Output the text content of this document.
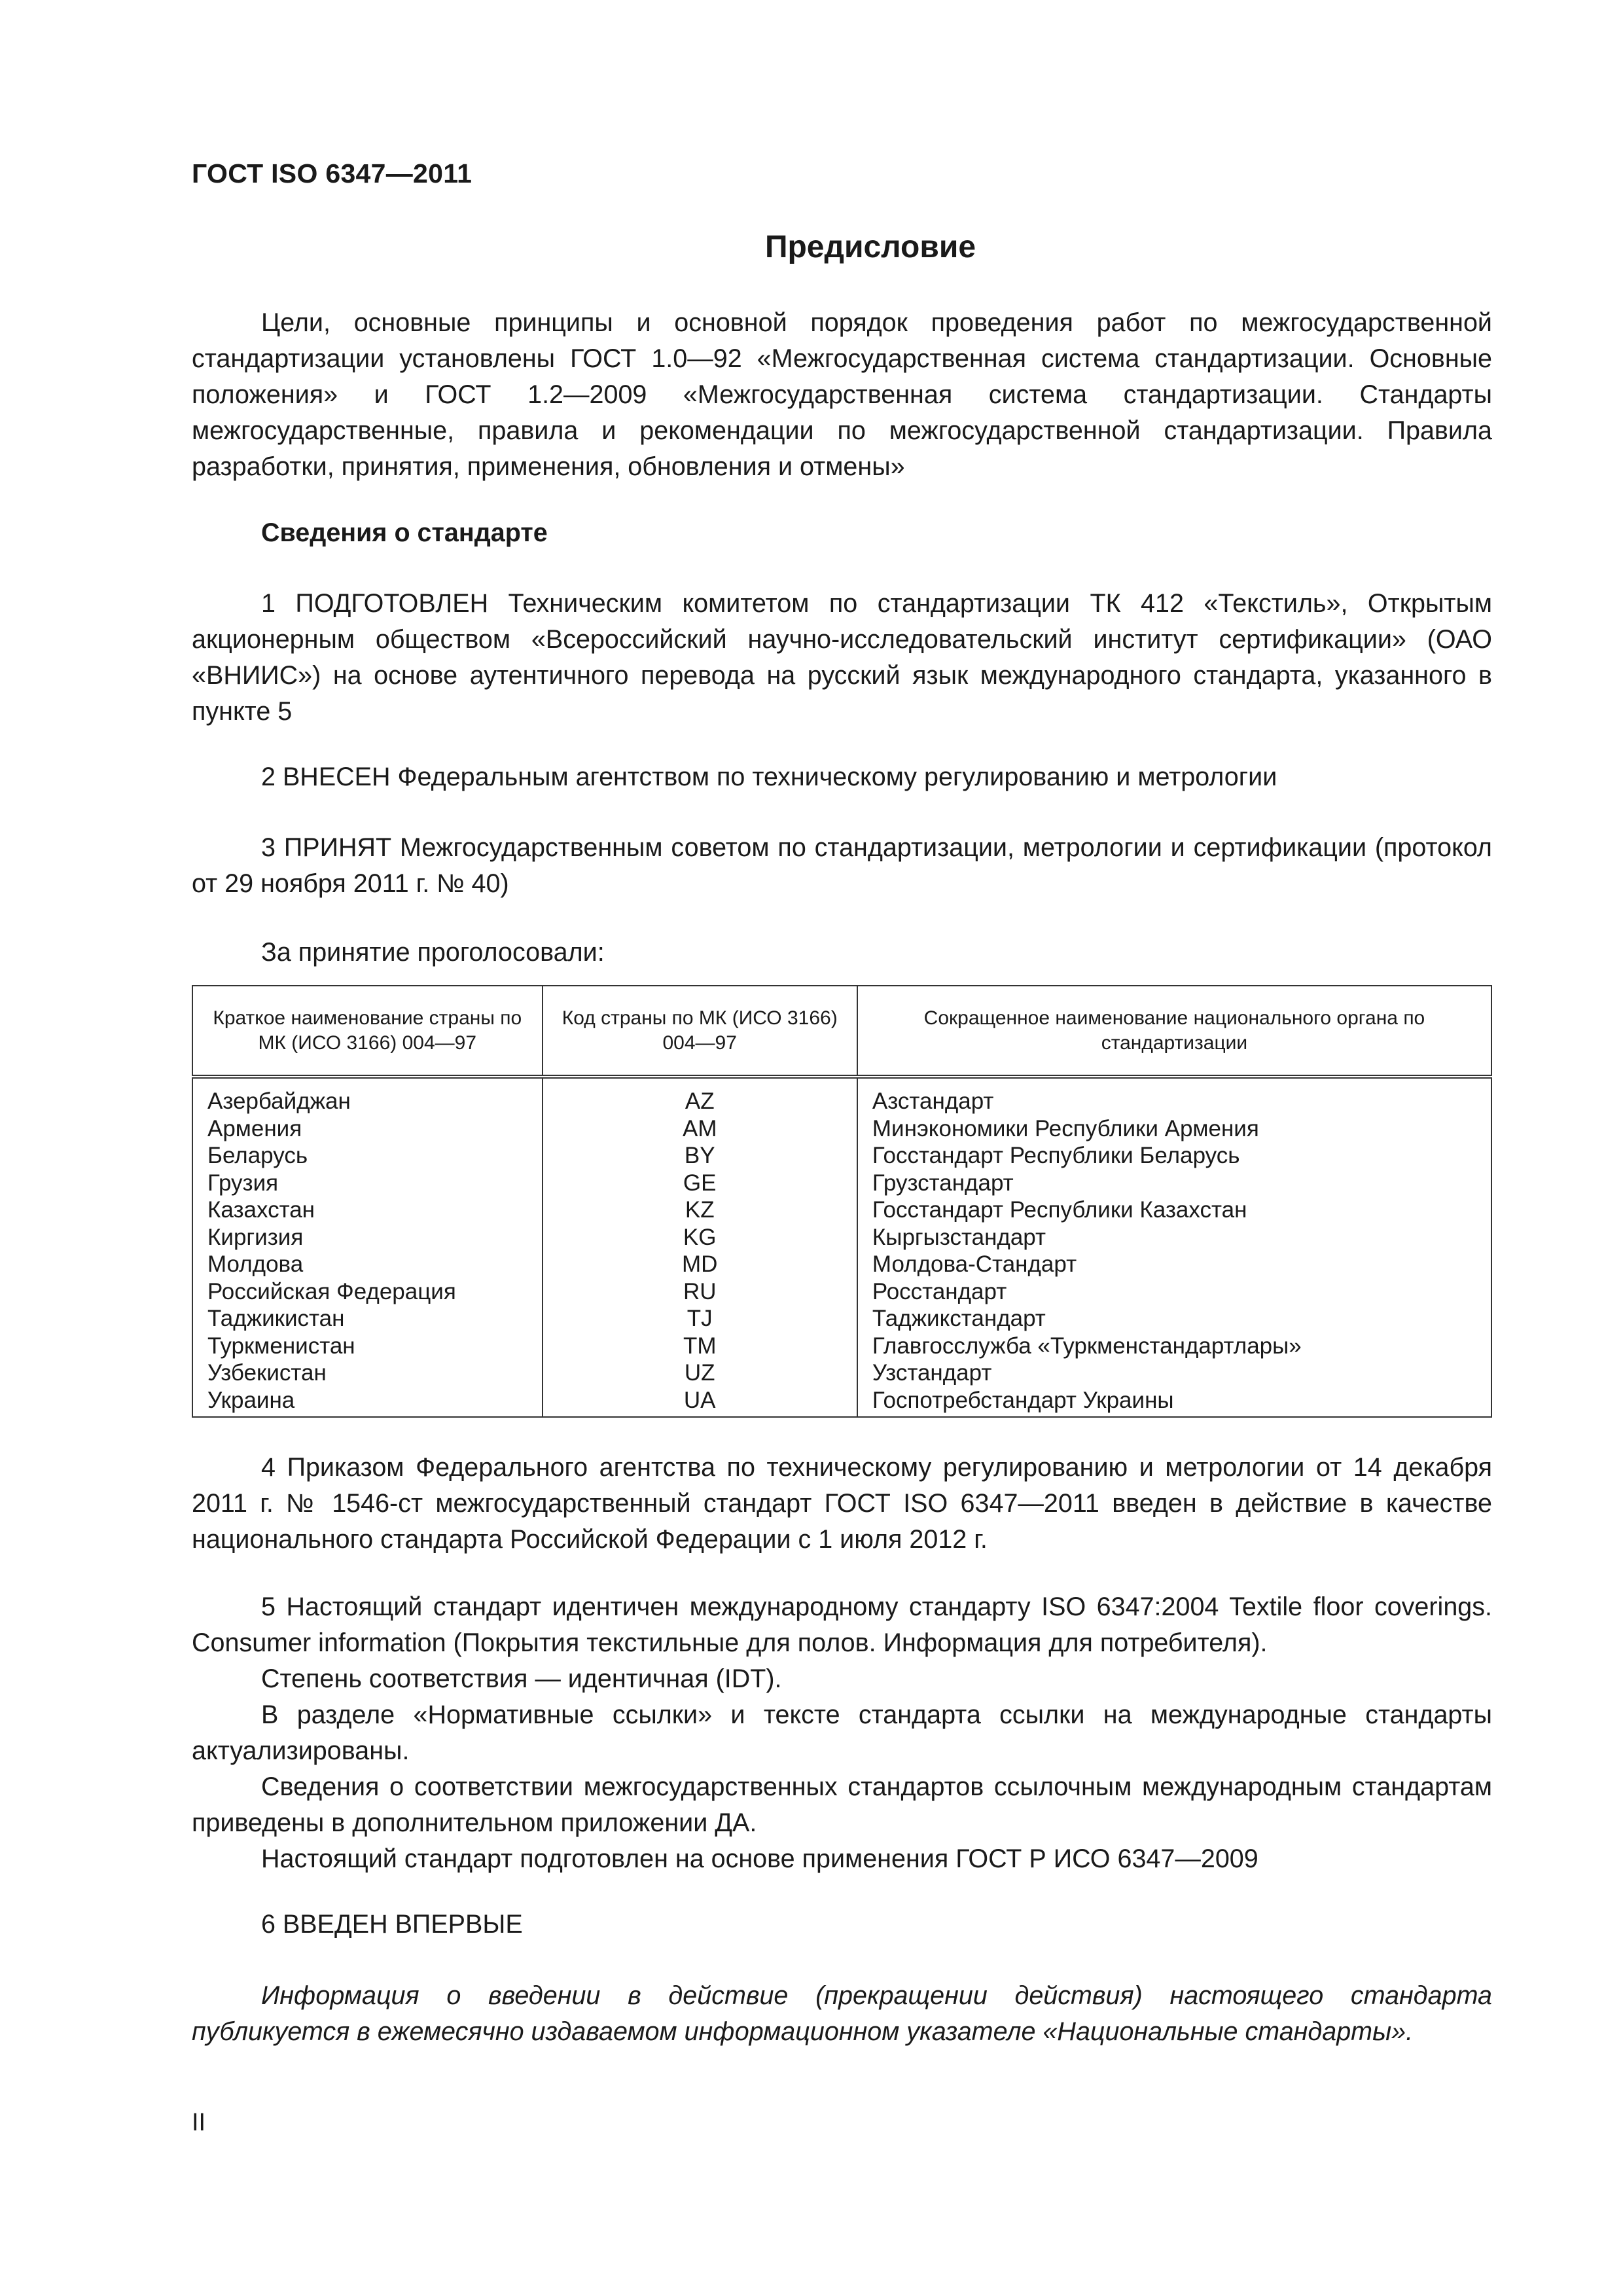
ГОСТ ISO 6347—2011
Предисловие

Цели, основные принципы и основной порядок проведения работ по межгосударственной стандартизации установлены ГОСТ 1.0—92 «Межгосударственная система стандартизации. Основные положения» и ГОСТ 1.2—2009 «Межгосударственная система стандартизации. Стандарты межгосударственные, правила и рекомендации по межгосударственной стандартизации. Правила разработки, принятия, применения, обновления и отмены»

Сведения о стандарте

1 ПОДГОТОВЛЕН Техническим комитетом по стандартизации ТК 412 «Текстиль», Открытым акционерным обществом «Всероссийский научно-исследовательский институт сертификации» (ОАО «ВНИИС») на основе аутентичного перевода на русский язык международного стандарта, указанного в пункте 5

2 ВНЕСЕН Федеральным агентством по техническому регулированию и метрологии

3 ПРИНЯТ Межгосударственным советом по стандартизации, метрологии и сертификации (протокол от 29 ноября 2011 г. № 40)

За принятие проголосовали:

Краткое наименование страны по МК (ИСО 3166) 004—97	Код страны по МК (ИСО 3166) 004—97	Сокращенное наименование национального органа по стандартизации
Азербайджан	AZ	Азстандарт
Армения	AM	Минэкономики Республики Армения
Беларусь	BY	Госстандарт Республики Беларусь
Грузия	GE	Грузстандарт
Казахстан	KZ	Госстандарт Республики Казахстан
Киргизия	KG	Кыргызстандарт
Молдова	MD	Молдова-Стандарт
Российская Федерация	RU	Росстандарт
Таджикистан	TJ	Таджикстандарт
Туркменистан	TM	Главгосслужба «Туркменстандартлары»
Узбекистан	UZ	Узстандарт
Украина	UA	Госпотребстандарт Украины

4 Приказом Федерального агентства по техническому регулированию и метрологии от 14 декабря 2011 г. № 1546-ст межгосударственный стандарт ГОСТ ISO 6347—2011 введен в действие в качестве национального стандарта Российской Федерации с 1 июля 2012 г.

5 Настоящий стандарт идентичен международному стандарту ISO 6347:2004 Textile floor coverings. Consumer information (Покрытия текстильные для полов. Информация для потребителя).

Степень соответствия — идентичная (IDT).

В разделе «Нормативные ссылки» и тексте стандарта ссылки на международные стандарты актуализированы.

Сведения о соответствии межгосударственных стандартов ссылочным международным стандартам приведены в дополнительном приложении ДА.

Настоящий стандарт подготовлен на основе применения ГОСТ Р ИСО 6347—2009

6 ВВЕДЕН ВПЕРВЫЕ

Информация о введении в действие (прекращении действия) настоящего стандарта публикуется в ежемесячно издаваемом информационном указателе «Национальные стандарты».

II
